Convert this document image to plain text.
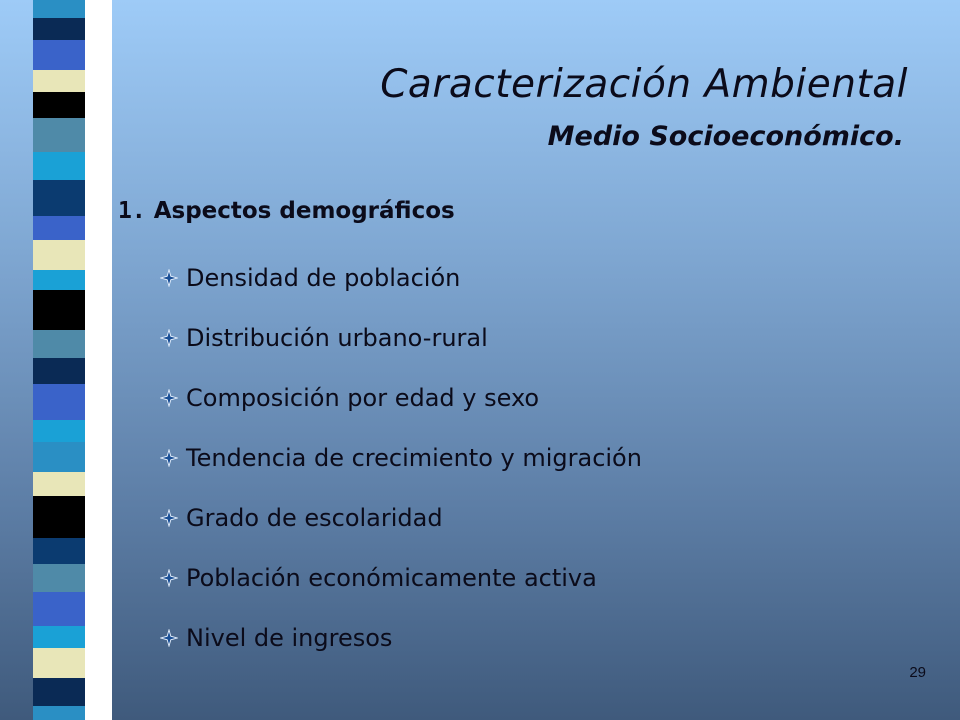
Caracterización Ambiental
Medio Socioeconómico.
1. Aspectos demográficos
Densidad de población
Distribución urbano-rural
Composición por edad y sexo
Tendencia de crecimiento y migración
Grado de escolaridad
Población económicamente activa
Nivel de ingresos
29
